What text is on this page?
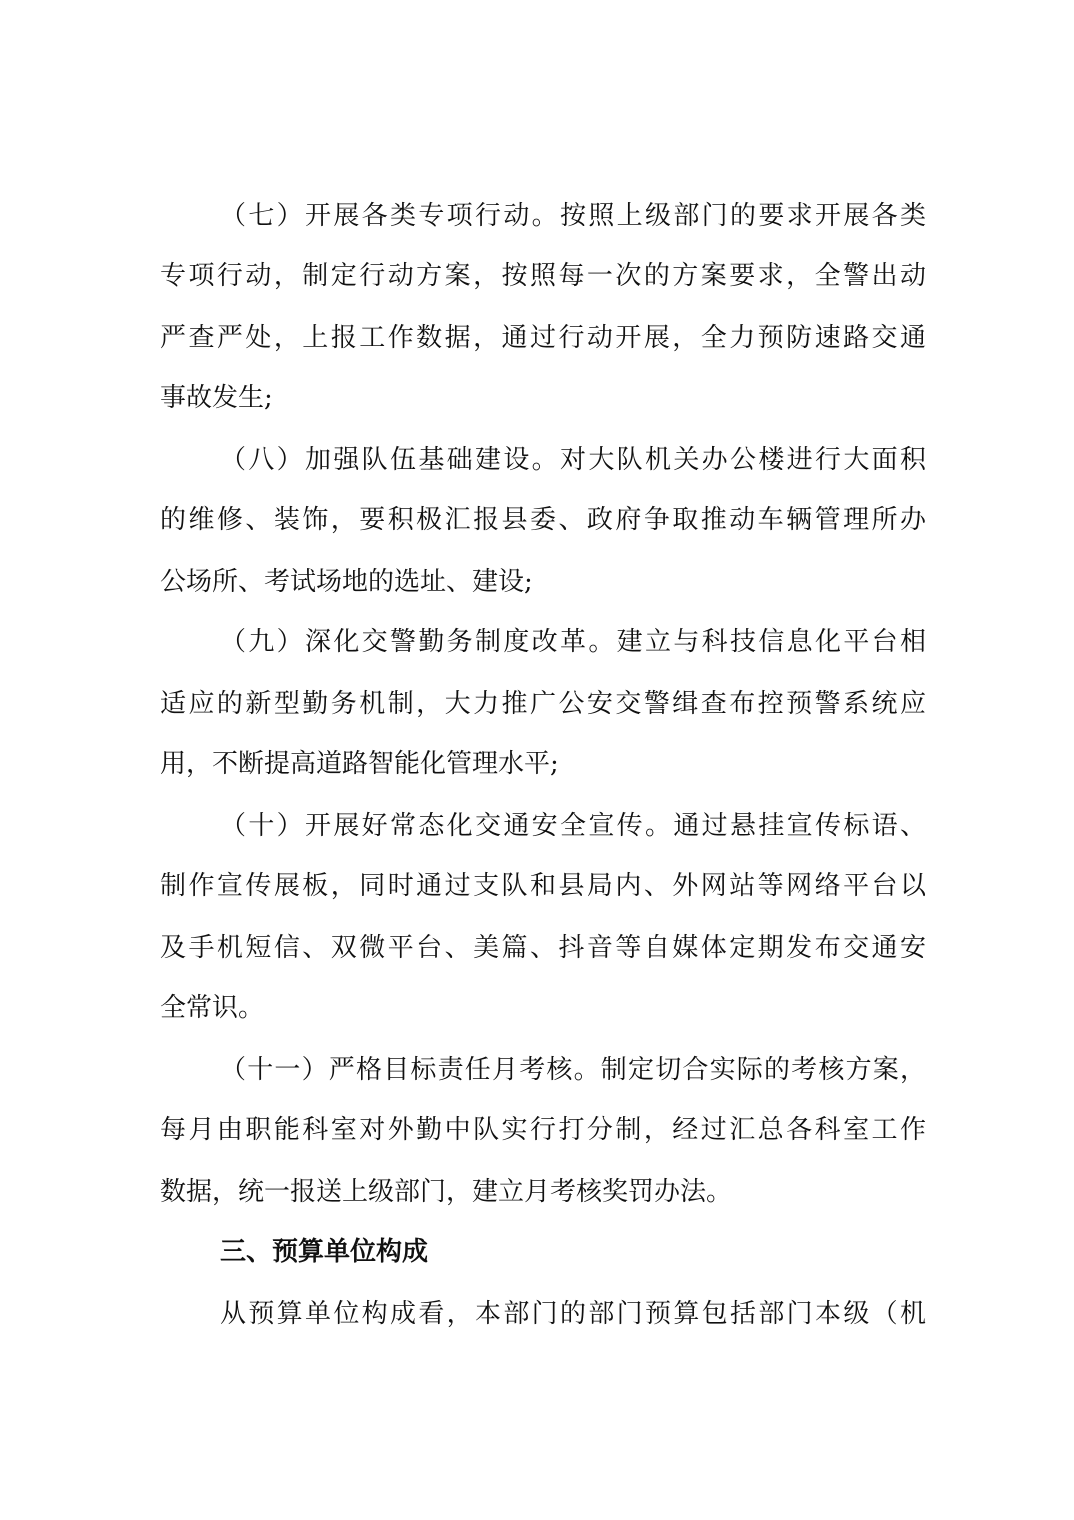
（七）开展各类专项行动。按照上级部门的要求开展各类
专项行动，制定行动方案，按照每一次的方案要求，全警出动
严查严处，上报工作数据，通过行动开展，全力预防速路交通
事故发生;
（八）加强队伍基础建设。对大队机关办公楼进行大面积
的维修、装饰，要积极汇报县委、政府争取推动车辆管理所办
公场所、考试场地的选址、建设;
（九）深化交警勤务制度改革。建立与科技信息化平台相
适应的新型勤务机制，大力推广公安交警缉查布控预警系统应
用，不断提高道路智能化管理水平;
（十）开展好常态化交通安全宣传。通过悬挂宣传标语、
制作宣传展板，同时通过支队和县局内、外网站等网络平台以
及手机短信、双微平台、美篇、抖音等自媒体定期发布交通安
全常识。
（十一）严格目标责任月考核。制定切合实际的考核方案，
每月由职能科室对外勤中队实行打分制，经过汇总各科室工作
数据，统一报送上级部门，建立月考核奖罚办法。
三、预算单位构成
从预算单位构成看，本部门的部门预算包括部门本级（机
